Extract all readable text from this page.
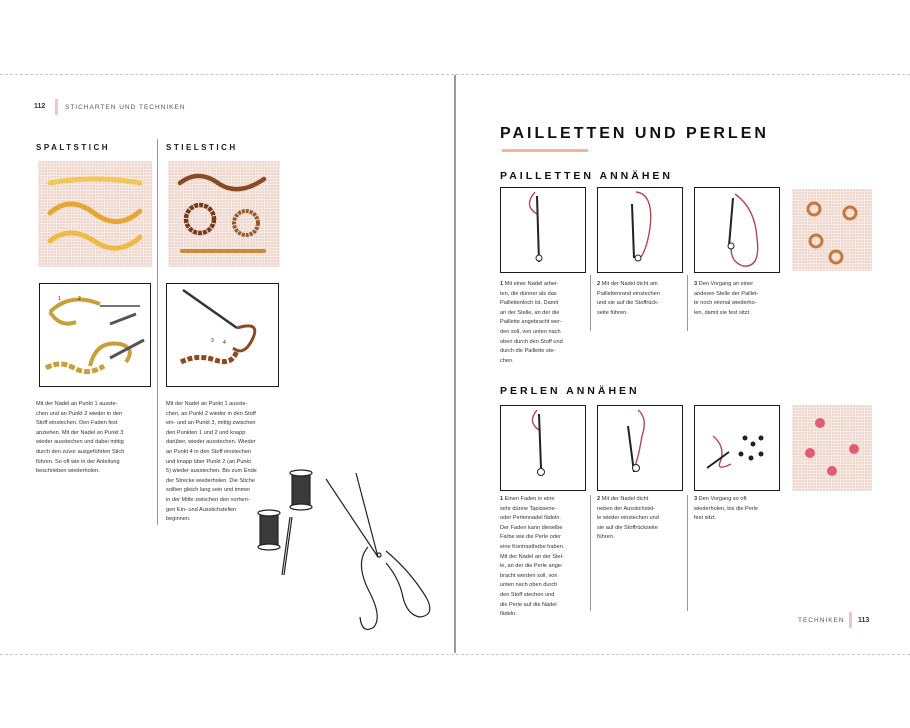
112	STICHARTEN UND TECHNIKEN
SPALTSTICH	STIELSTICH
1	2
3 4
Mit der Nadel an Punkt 1 ausste-
chen und an Punkt 2 wieder in den
Stoff einstechen. Den Faden fest
anziehen. Mit der Nadel an Punkt 3
wieder ausstechen und dabei mittig
durch den zuvor ausgeführten Stich
führen. So oft wie in der Anleitung
beschrieben wiederholen.
Mit der Nadel an Punkt 1 ausste-
chen, an Punkt 2 wieder in den Stoff
ein- und an Punkt 3, mittig zwischen
den Punkten 1 und 2 und knapp
darüber, wieder ausstechen. Wieder
an Punkt 4 in den Stoff einstechen
und knapp über Punkt 2 (an Punkt
5) wieder ausstechen. Bis zum Ende
der Strecke wiederholen. Die Stiche
sollten gleich lang sein und immer
in der Mitte zwischen den vorheri-
gen Ein- und Ausstichstellen
beginnen.
PAILLETTEN UND PERLEN
PAILLETTEN ANNÄHEN
1 Mit einer Nadel arbei-
ten, die dünner als das
Paillettenloch ist. Damit
an der Stelle, an der die
Paillette angebracht wer-
den soll, von unten nach
oben durch den Stoff und
durch die Paillette ste-
chen.
2 Mit der Nadel dicht am
Paillettenrand einstechen
und sie auf die Stoffrück-
seite führen.
3 Den Vorgang an einer
anderen Stelle der Paillet-
te noch einmal wiederho-
len, damit sie fest sitzt.
PERLEN ANNÄHEN
1 Einen Faden in eine
sehr dünne Tapisserie-
oder Perlennadel fädeln.
Der Faden kann dieselbe
Farbe wie die Perle oder
eine Kontrastfarbe haben.
Mit der Nadel an der Stel-
le, an der die Perle ange-
bracht werden soll, von
unten nach oben durch
den Stoff stechen und
die Perle auf die Nadel
fädeln.
2 Mit der Nadel dicht
neben der Ausstichstel-
le wieder einstechen und
sie auf die Stoffrückseite
führen.
3 Den Vorgang so oft
wiederholen, bis die Perle
fest sitzt.
TECHNIKEN 113
